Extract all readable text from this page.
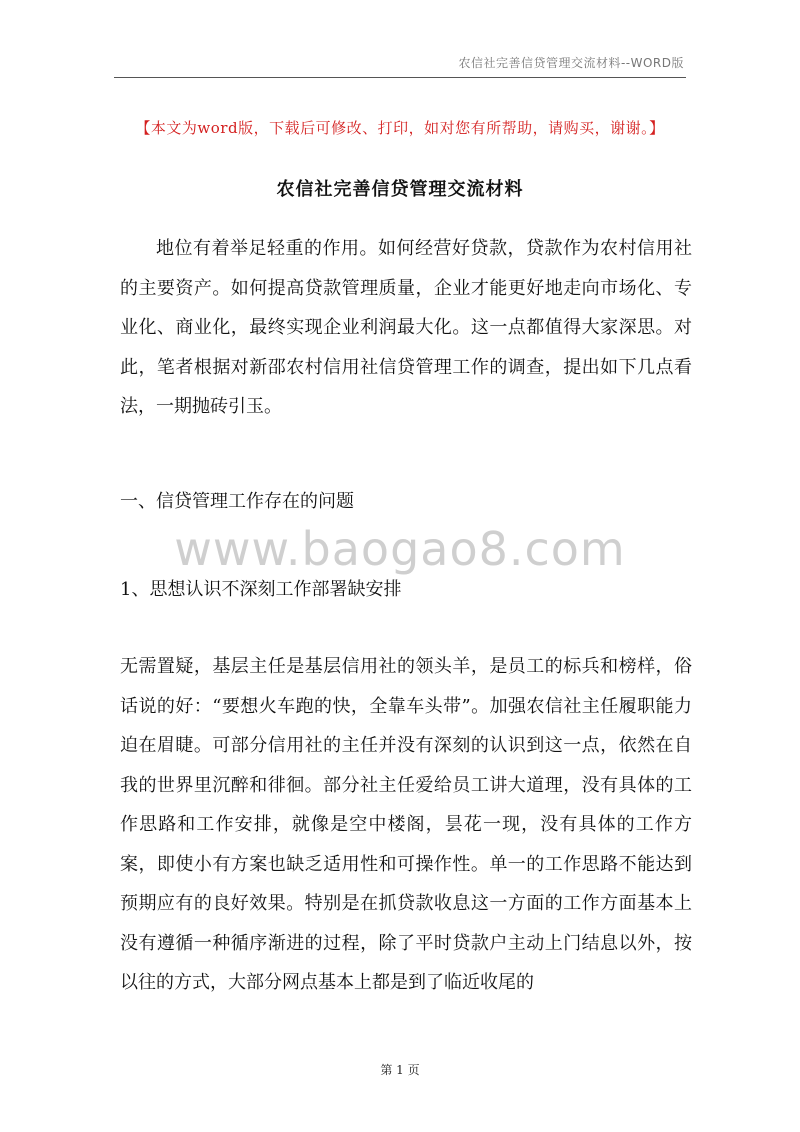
农信社完善信贷管理交流材料--WORD版
【本文为word版，下载后可修改、打印，如对您有所帮助，请购买，谢谢。】
农信社完善信贷管理交流材料
地位有着举足轻重的作用。如何经营好贷款，贷款作为农村信用社的主要资产。如何提高贷款管理质量，企业才能更好地走向市场化、专业化、商业化，最终实现企业利润最大化。这一点都值得大家深思。对此，笔者根据对新邵农村信用社信贷管理工作的调查，提出如下几点看法，一期抛砖引玉。
一、信贷管理工作存在的问题
www.baogao8.com
1、思想认识不深刻工作部署缺安排
无需置疑，基层主任是基层信用社的领头羊，是员工的标兵和榜样，俗话说的好：“要想火车跑的快，全靠车头带”。加强农信社主任履职能力迫在眉睫。可部分信用社的主任并没有深刻的认识到这一点，依然在自我的世界里沉醉和徘徊。部分社主任爱给员工讲大道理，没有具体的工作思路和工作安排，就像是空中楼阁，昙花一现，没有具体的工作方案，即使小有方案也缺乏适用性和可操作性。单一的工作思路不能达到预期应有的良好效果。特别是在抓贷款收息这一方面的工作方面基本上没有遵循一种循序渐进的过程，除了平时贷款户主动上门结息以外，按以往的方式，大部分网点基本上都是到了临近收尾的
第 1 页
